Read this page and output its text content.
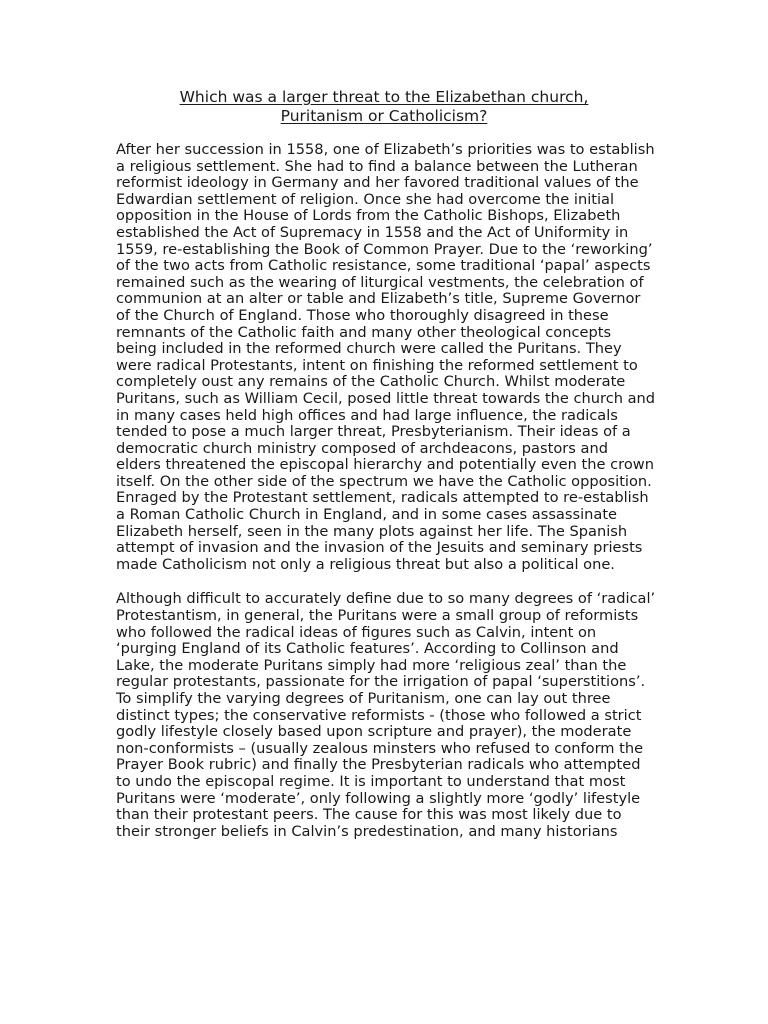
Which was a larger threat to the Elizabethan church,
Puritanism or Catholicism?

After her succession in 1558, one of Elizabeth’s priorities was to establish a religious settlement. She had to find a balance between the Lutheran reformist ideology in Germany and her favored traditional values of the Edwardian settlement of religion. Once she had overcome the initial opposition in the House of Lords from the Catholic Bishops, Elizabeth established the Act of Supremacy in 1558 and the Act of Uniformity in 1559, re-establishing the Book of Common Prayer. Due to the ‘reworking’ of the two acts from Catholic resistance, some traditional ‘papal’ aspects remained such as the wearing of liturgical vestments, the celebration of communion at an alter or table and Elizabeth’s title, Supreme Governor of the Church of England. Those who thoroughly disagreed in these remnants of the Catholic faith and many other theological concepts being included in the reformed church were called the Puritans. They were radical Protestants, intent on finishing the reformed settlement to completely oust any remains of the Catholic Church. Whilst moderate Puritans, such as William Cecil, posed little threat towards the church and in many cases held high offices and had large influence, the radicals tended to pose a much larger threat, Presbyterianism. Their ideas of a democratic church ministry composed of archdeacons, pastors and elders threatened the episcopal hierarchy and potentially even the crown itself. On the other side of the spectrum we have the Catholic opposition. Enraged by the Protestant settlement, radicals attempted to re-establish a Roman Catholic Church in England, and in some cases assassinate Elizabeth herself, seen in the many plots against her life. The Spanish attempt of invasion and the invasion of the Jesuits and seminary priests made Catholicism not only a religious threat but also a political one.

Although difficult to accurately define due to so many degrees of ‘radical’ Protestantism, in general, the Puritans were a small group of reformists who followed the radical ideas of figures such as Calvin, intent on ‘purging England of its Catholic features’. According to Collinson and Lake, the moderate Puritans simply had more ‘religious zeal’ than the regular protestants, passionate for the irrigation of papal ‘superstitions’. To simplify the varying degrees of Puritanism, one can lay out three distinct types; the conservative reformists - (those who followed a strict godly lifestyle closely based upon scripture and prayer), the moderate non-conformists – (usually zealous minsters who refused to conform the Prayer Book rubric) and finally the Presbyterian radicals who attempted to undo the episcopal regime. It is important to understand that most Puritans were ‘moderate’, only following a slightly more ‘godly’ lifestyle than their protestant peers. The cause for this was most likely due to their stronger beliefs in Calvin’s predestination, and many historians
